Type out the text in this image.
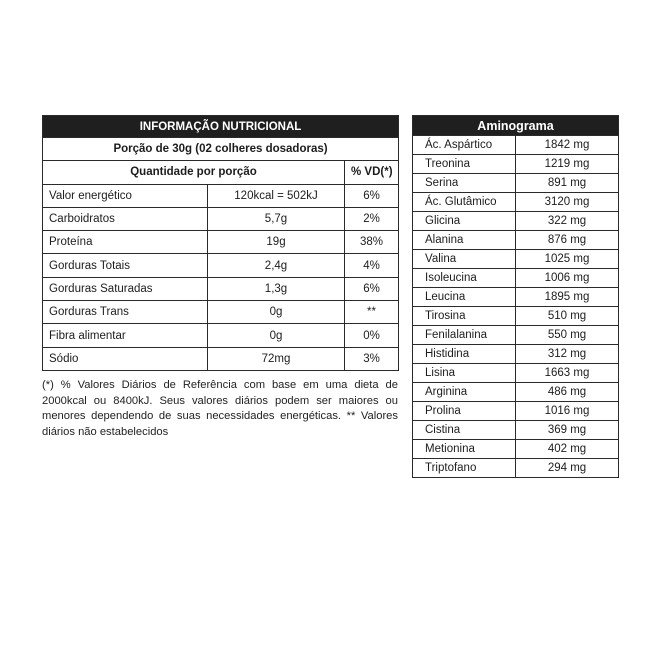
INFORMAÇÃO NUTRICIONAL		
Porção de 30g (02 colheres dosadoras)		
Quantidade por porção		% VD(*)
Valor energético	120kcal = 502kJ	6%
Carboidratos	5,7g	2%
Proteína	19g	38%
Gorduras Totais	2,4g	4%
Gorduras Saturadas	1,3g	6%
Gorduras Trans	0g	**
Fibra alimentar	0g	0%
Sódio	72mg	3%

(*) % Valores Diários de Referência com base em uma dieta de 2000kcal ou 8400kJ. Seus valores diários podem ser maiores ou menores dependendo de suas necessidades energéticas. ** Valores diários não estabelecidos

Aminograma	
Ác. Aspártico	1842 mg
Treonina	1219 mg
Serina	891 mg
Ác. Glutâmico	3120 mg
Glicina	322 mg
Alanina	876 mg
Valina	1025 mg
Isoleucina	1006 mg
Leucina	1895 mg
Tirosina	510 mg
Fenilalanina	550 mg
Histidina	312 mg
Lisina	1663 mg
Arginina	486 mg
Prolina	1016 mg
Cistina	369 mg
Metionina	402 mg
Triptofano	294 mg
